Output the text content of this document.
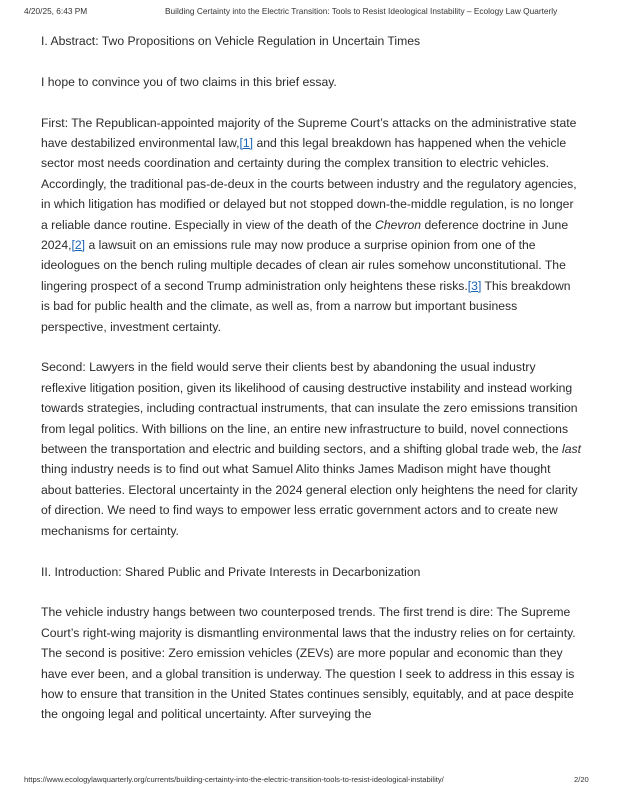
4/20/25, 6:43 PM	Building Certainty into the Electric Transition: Tools to Resist Ideological Instability – Ecology Law Quarterly
I. Abstract: Two Propositions on Vehicle Regulation in Uncertain Times

I hope to convince you of two claims in this brief essay.

First: The Republican-appointed majority of the Supreme Court’s attacks on the administrative state have destabilized environmental law,[1] and this legal breakdown has happened when the vehicle sector most needs coordination and certainty during the complex transition to electric vehicles. Accordingly, the traditional pas-de-deux in the courts between industry and the regulatory agencies, in which litigation has modified or delayed but not stopped down-the-middle regulation, is no longer a reliable dance routine. Especially in view of the death of the Chevron deference doctrine in June 2024,[2] a lawsuit on an emissions rule may now produce a surprise opinion from one of the ideologues on the bench ruling multiple decades of clean air rules somehow unconstitutional. The lingering prospect of a second Trump administration only heightens these risks.[3] This breakdown is bad for public health and the climate, as well as, from a narrow but important business perspective, investment certainty.

Second: Lawyers in the field would serve their clients best by abandoning the usual industry reflexive litigation position, given its likelihood of causing destructive instability and instead working towards strategies, including contractual instruments, that can insulate the zero emissions transition from legal politics. With billions on the line, an entire new infrastructure to build, novel connections between the transportation and electric and building sectors, and a shifting global trade web, the last thing industry needs is to find out what Samuel Alito thinks James Madison might have thought about batteries. Electoral uncertainty in the 2024 general election only heightens the need for clarity of direction. We need to find ways to empower less erratic government actors and to create new mechanisms for certainty.

II. Introduction: Shared Public and Private Interests in Decarbonization

The vehicle industry hangs between two counterposed trends. The first trend is dire: The Supreme Court’s right-wing majority is dismantling environmental laws that the industry relies on for certainty. The second is positive: Zero emission vehicles (ZEVs) are more popular and economic than they have ever been, and a global transition is underway. The question I seek to address in this essay is how to ensure that transition in the United States continues sensibly, equitably, and at pace despite the ongoing legal and political uncertainty. After surveying the

https://www.ecologylawquarterly.org/currents/building-certainty-into-the-electric-transition-tools-to-resist-ideological-instability/	2/20
